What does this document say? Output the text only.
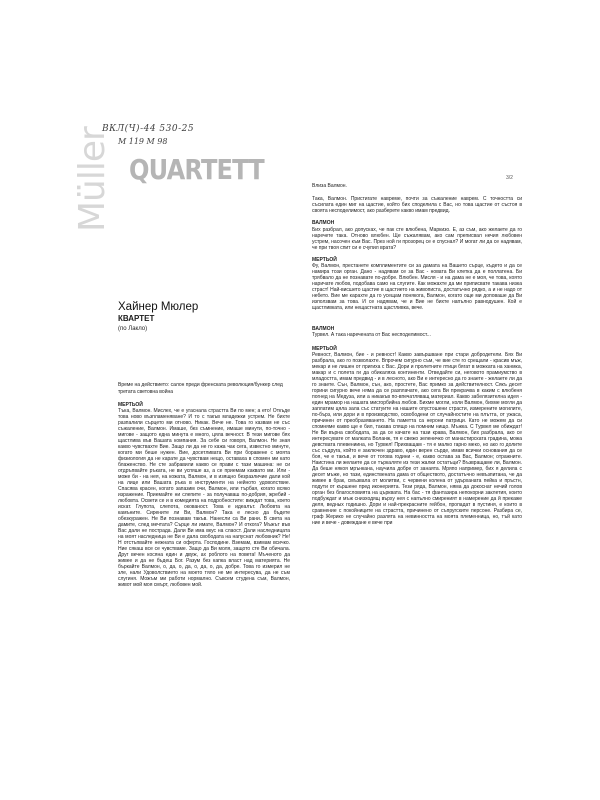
ВКЛ(Ч)-44 530-25
М 119 М 98
Müller QUARTETT
Хайнер Мюлер
КВАРТЕТ
(по Лакло)
Време на действието: салон преди френската революция/бункер след третата световна война
МЕРТЬОЙ
Тъка, Валмон. Мислех, че е угаснала страстта Ви по мен; а ето! Откъде това ново възпламеняване? И то с такъв младежки устрем. Не бихте разпалили сърцето ми отново. Никак. Вече не. Това го казвам не със съжаление, Валмон. Имаше, без съмнение, имаше минути, по-точно - мигове - защото една минута е много, цяла вечност. В тези мигове бях щастлива във Вашата компания. За себе си говоря, Валмон. Не зная какво чувствахте Вие. Защо ли да не го кажа чак сега, известно минуте, когато ми беше нужен. Вие, досетливата Ви при боравене с моята физиология да не карате да чувствам нещо, оставаха в спомен ми като блаженство. Не сте забравили какво се прави с тази машина: не си отдръпвайте ръката, не ви успяше аз, а се приемам каквато ми. Или - може би - на нея, на кожата, Валмон, и в изящно безразличие дали кой на лице или Вашата ръка в инструменти на нейното удоволствие. Спасява красен, когато запазим очи, Валмон, или търбая, когато всяко изражение. Приемайте ни слепите - за получаваш по-добрия, жребий - любовта. Освети се и в комедията на подробностите: виждат това, което искат. Глупота, слепота, окованост. Това е идеалът. Любовта на камъните. Сирените ли Ви, Валмон? Така е лесно да бъдете обезкуражен. Не Ви познавам такъв. Нанесли са Ви рани. В света на дамите, след мечтата? Сърце ли иматe, Валмон? И откога? Мъжът във Вас дали не пострада. Дали Ви има вкус на слаост. Дали наследницата на моят наследница не Ви е дала свободата на напуснат любовник? Не! Н отстъпвайте нежната си оферта. Господине. Вземам, взимам всичко. Ние сякаш все се чувстваме. Защо да Ви моля, защото сте Ви обичала. Друг вечен косяна един и двуж, ах роблото на повета! Мъченото да живее и да не бъдеш Бог. Разум без капка власт над материята. Не бъркайте Валмон, о, да, о, да, о, да, о, да, добре. Това го измерил не зле, нали Удоволствието на моето тяло не ме интересува, да не съм слугиня. Можъм ми работи нормално. Съвсем студена съм, Валмон, живот мой моя смърт, любовен мой.
3/2
Влиза Валмон.
Така, Валмон. Пристигате навреме, почти за съжаление наврем. С точността си съсилата един миг на щастие, който бих споделила с Вас, но това щастие от състоя в своята несподелимост, ако разберете какво имам предвид.
ВАЛМОН
Бих разбрал, ако допусках, че пак сте влюбена, Маркизо. Е, аз съм, ако желаете да го наречете така. Отново влюбен. Ще съжалявам, ако сам преписвал нечия любовен устрем, насочен към Вас. През ной ги прозорец се е спуснал? И могат ли да се надявам, че при твоя спит си е счупил врата?
МЕРТЬОЙ
Фу, Валмон, престанете комплиментите си за дамата на Вашето сърце, където и да се намира този орган. Дано - надявам се за Вас - новата Ви клетка да е поллатена. Би трябвало да не познавате по-добре. Влюбен. Мисля - и на дама не е моя, че това, която наричате любов, подобава само на слугите. Как можахте да ми приписвате такава низка страст! Най-висшето щастие в щастието на живописта, достатъчно рядко, а и не надо от небето. Вие ме карахте да го усещам понякога, Валмон, когато още ми доповаше да Ви използвам за това. И се надявам, че и Вие не бихте напълно равнодушен. Кой е щастливката, или нещастната щастливка, вече.
ВАЛМОН
Турвел. А така наречената от Вас несподелимост...
МЕРТЬОЙ
Ревност, Валмон, бие - и ревност! Какво завършване при стари добродетели. Бях Ви разбрала, ако го позволахте. Впрочем сигурно съм, че вие сте го срещали - красив мъж, мекар и не лишен от пригиха с Вас. Дори и пролетните птици бягат в можката на ханмка, макар и с полета ги да обикаляха континенти. Отведайте си, неговото прамиумство в младостта, имам предвид - и в лесното, ако Ви е интересно да го знаете - желаете ли да го знаете. Сън, Валмон, сън, ако, простете, Вас примко за действителност. Сякъ десет горини сигурно вече няма да се разплачате, ако сега Ви прекрачва в каким с влюбеня погнед на Медуза, или а никакъв по-впечатляващ материал. Какво забелязителна идея - един мрамор на нашата мисгорбийна любов. Бихме могли, коли Валмон, бихме могли да заплатим цяла зала със статуите на нашите опустошени страсти, измерените могилите, по-бърз, или дори и в производство, освободени от случайностите на плътта, от ужаса, причинен от преобразяването. На паметта са нерони патрици. Като не можем да си спомняме какво ще е бил, такава спящо на помним нищо. Мъжка. С Турвел ме обиждат! Не Ви върна свободата, за да се качате на тази крава, Валмон, бих разбрала, ако се интересувате от малката Воланж, тя е свежо зеленичко от манастирската градина, можа девствата плевениина, но Турвел! Прихващам - тя е малко гарно меко, но ако го долите със съдруга, който е заключен здраво, един верен сърде, имам всички основания да се боя, че е такъв, и вече от тогова години - е, какво остава за Вас, Валмон; отражните. Наистина ли желаете да се търкаляте из тези жалки остатъци? Възвращаме ли, Валмон. Да беше някоя мрънкана, научила добре от занаята. Мряпо например, бих я делила с десет мъже, но тази, единствената дама от обществото, достатъчно невъзпитана, че да живее в брак, смъзвала от молитви, с червени колена от удърханата пейка и пръстн, подути от кършене пред иконерията. Тези ряда, Валмон, няма да докоснат нечий голов орган без благословията на църквата. На бас - тя фантазира непокорни заклетия, които подбуждат и мъж снизходящ върху нея с напълно смиреният в намерение да й прекаже деля, ведных годишно. Дори и най-прекрасните гейбон, пропадат в пустиня, е които в сравнение с покойниците на страстта, причинено от съпругските персоне. Разбира се, граф Жерико не случайно разлята на невинността на моята племенница, но, тъй като ние и вече - довеждане е вече при
